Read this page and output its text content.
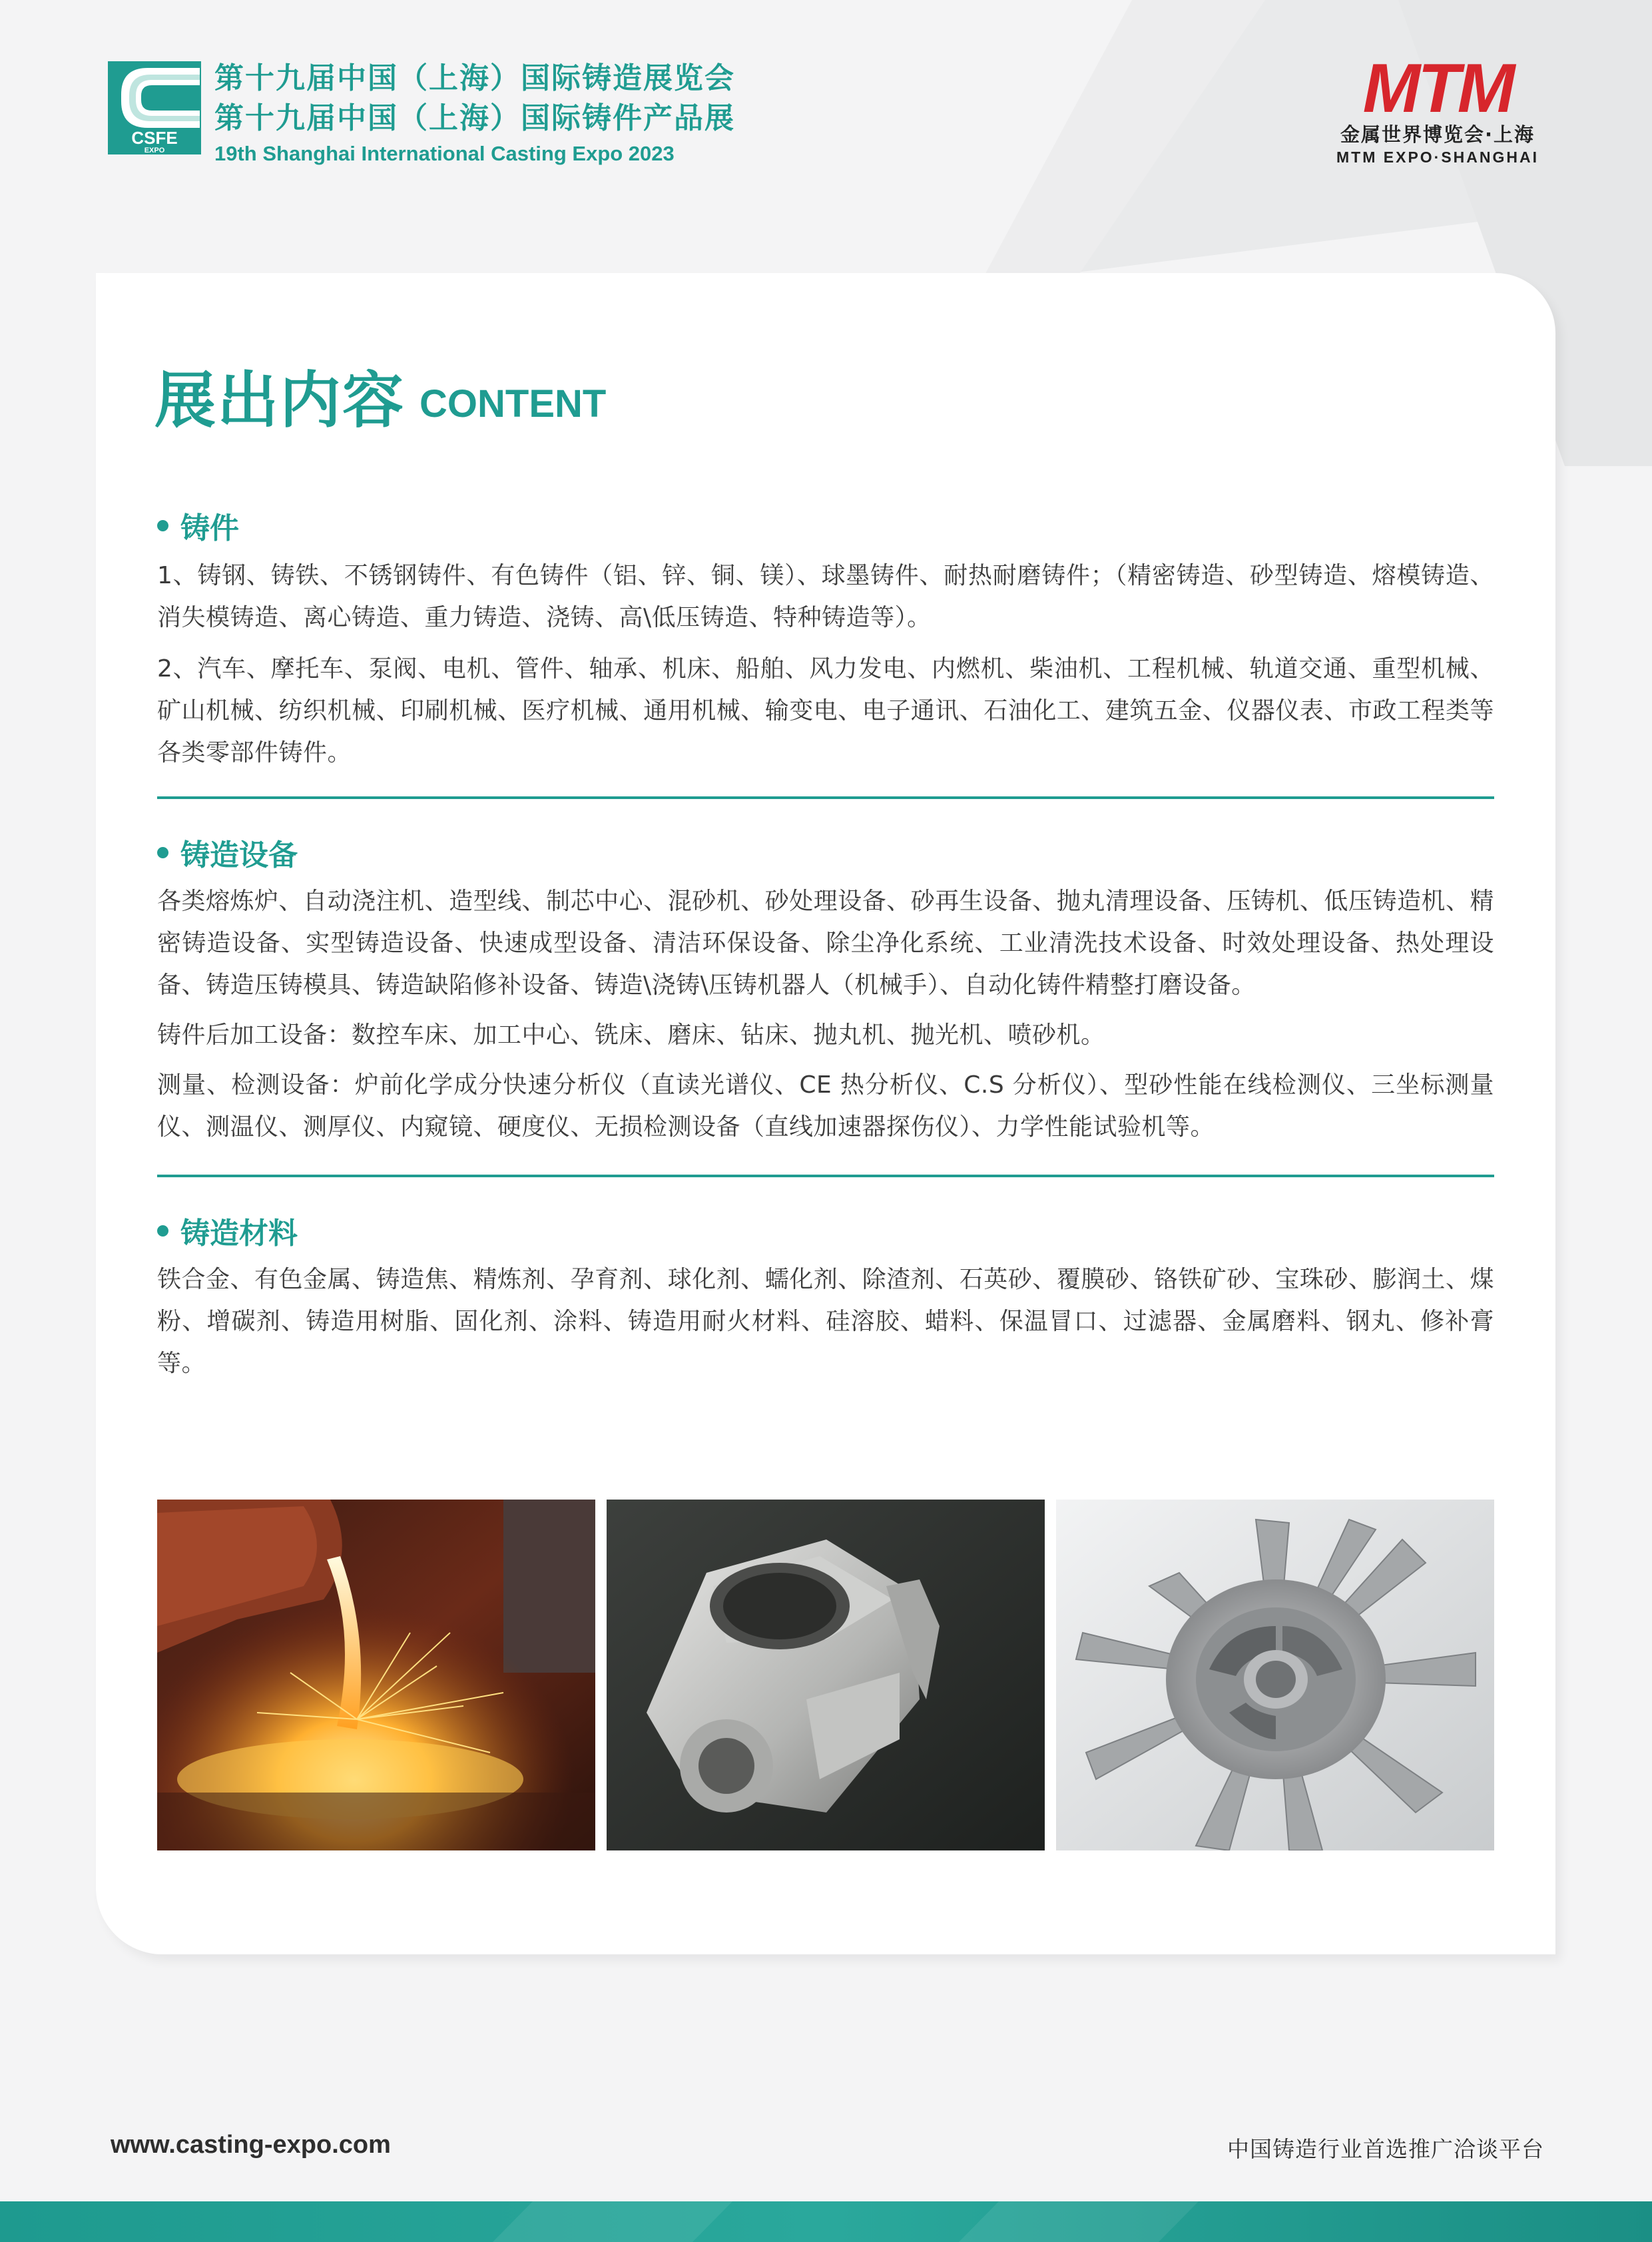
CSFE
EXPO
第十九届中国（上海）国际铸造展览会
第十九届中国（上海）国际铸件产品展
19th Shanghai International Casting Expo 2023
MTM
金属世界博览会·上海
MTM EXPO·SHANGHAI
展出内容 CONTENT
铸件
1、铸钢、铸铁、不锈钢铸件、有色铸件（铝、锌、铜、镁）、球墨铸件、耐热耐磨铸件；（精密铸造、砂型铸造、熔模铸造、消失模铸造、离心铸造、重力铸造、浇铸、高\低压铸造、特种铸造等）。
2、汽车、摩托车、泵阀、电机、管件、轴承、机床、船舶、风力发电、内燃机、柴油机、工程机械、轨道交通、重型机械、矿山机械、纺织机械、印刷机械、医疗机械、通用机械、输变电、电子通讯、石油化工、建筑五金、仪器仪表、市政工程类等各类零部件铸件。
铸造设备
各类熔炼炉、自动浇注机、造型线、制芯中心、混砂机、砂处理设备、砂再生设备、抛丸清理设备、压铸机、低压铸造机、精密铸造设备、实型铸造设备、快速成型设备、清洁环保设备、除尘净化系统、工业清洗技术设备、时效处理设备、热处理设备、铸造压铸模具、铸造缺陷修补设备、铸造\浇铸\压铸机器人（机械手）、自动化铸件精整打磨设备。
铸件后加工设备：数控车床、加工中心、铣床、磨床、钻床、抛丸机、抛光机、喷砂机。
测量、检测设备：炉前化学成分快速分析仪（直读光谱仪、CE 热分析仪、C.S 分析仪）、型砂性能在线检测仪、三坐标测量仪、测温仪、测厚仪、内窥镜、硬度仪、无损检测设备（直线加速器探伤仪）、力学性能试验机等。
铸造材料
铁合金、有色金属、铸造焦、精炼剂、孕育剂、球化剂、蠕化剂、除渣剂、石英砂、覆膜砂、铬铁矿砂、宝珠砂、膨润土、煤粉、增碳剂、铸造用树脂、固化剂、涂料、铸造用耐火材料、硅溶胶、蜡料、保温冒口、过滤器、金属磨料、钢丸、修补膏等。
www.casting-expo.com	中国铸造行业首选推广洽谈平台
